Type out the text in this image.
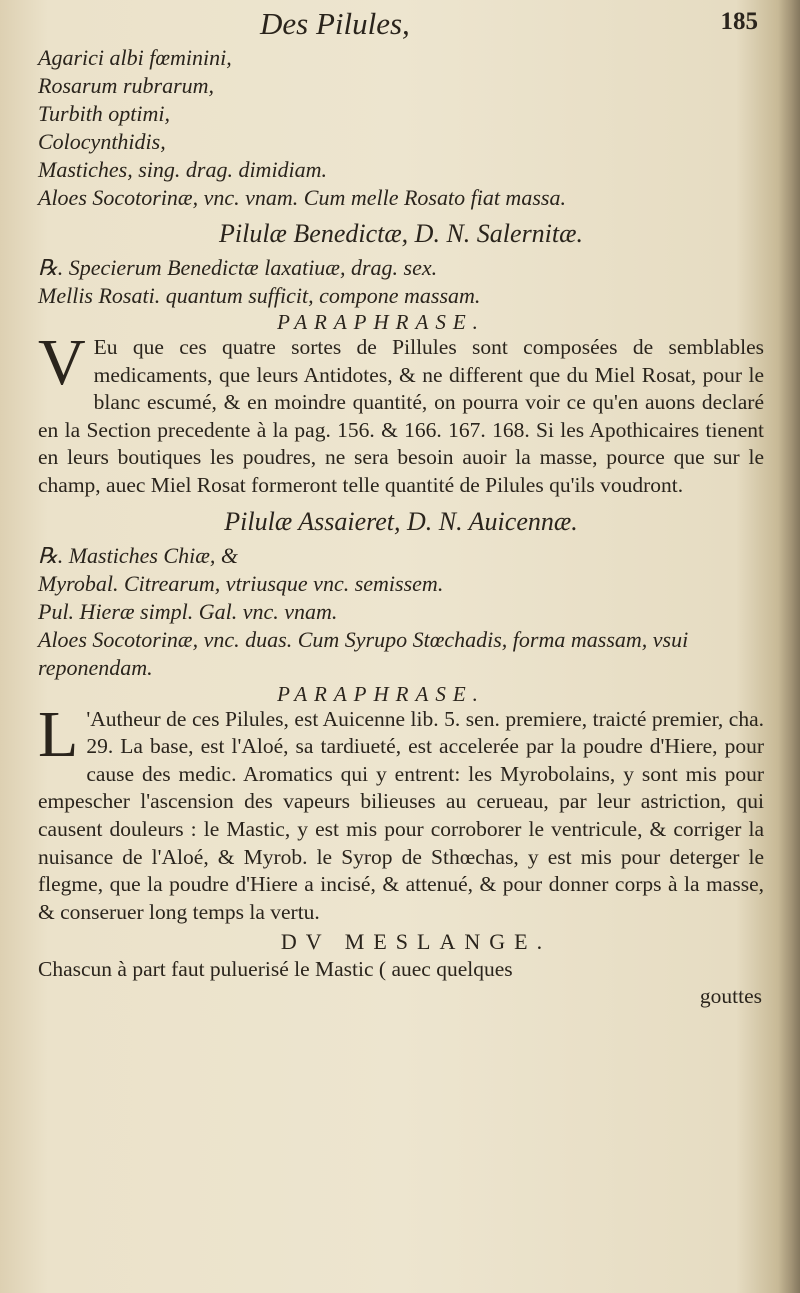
Des Pilules,	185
Agarici albi fœminini,
Rosarum rubrarum,
Turbith optimi,
Colocynthidis,
Mastiches, sing. drag. dimidiam.
Aloes Socotorinæ, vnc. vnam. Cum melle Rosato fiat massa.
Pilulæ Benedictæ, D. N. Salernitæ.
℞. Specierum Benedictæ laxatiuæ, drag. sex.
Mellis Rosati. quantum sufficit, compone massam.
PARAPHRASE.
V Eu que ces quatre sortes de Pillules sont composées de semblables medicaments, que leurs Antidotes, & ne different que du Miel Rosat, pour le blanc escumé, & en moindre quantité, on pourra voir ce qu'en auons declaré en la Section precedente à la pag. 156. & 166. 167. 168. Si les Apothicaires tienent en leurs boutiques les poudres, ne sera besoin auoir la masse, pource que sur le champ, auec Miel Rosat formeront telle quantité de Pilules qu'ils voudront.
Pilulæ Assaieret, D. N. Auicennæ.
℞. Mastiches Chiæ, &
Myrobal. Citrearum, vtriusque vnc. semissem.
Pul. Hieræ simpl. Gal. vnc. vnam.
Aloes Socotorinæ, vnc. duas. Cum Syrupo Stœchadis, forma massam, vsui reponendam.
PARAPHRASE.
L 'Autheur de ces Pilules, est Auicenne lib. 5. sen. premiere, traicté premier, cha. 29. La base, est l'Aloé, sa tardiueté, est accelerée par la poudre d'Hiere, pour cause des medic. Aromatics qui y entrent: les Myrobolains, y sont mis pour empescher l'ascension des vapeurs bilieuses au cerueau, par leur astriction, qui causent douleurs : le Mastic, y est mis pour corroborer le ventricule, & corriger la nuisance de l'Aloé, & Myrob. le Syrop de Sthœchas, y est mis pour deterger le flegme, que la poudre d'Hiere a incisé, & attenué, & pour donner corps à la masse, & conseruer long temps la vertu.
DV MESLANGE.
Chascun à part faut puluerisé le Mastic ( auec quelques
gouttes
